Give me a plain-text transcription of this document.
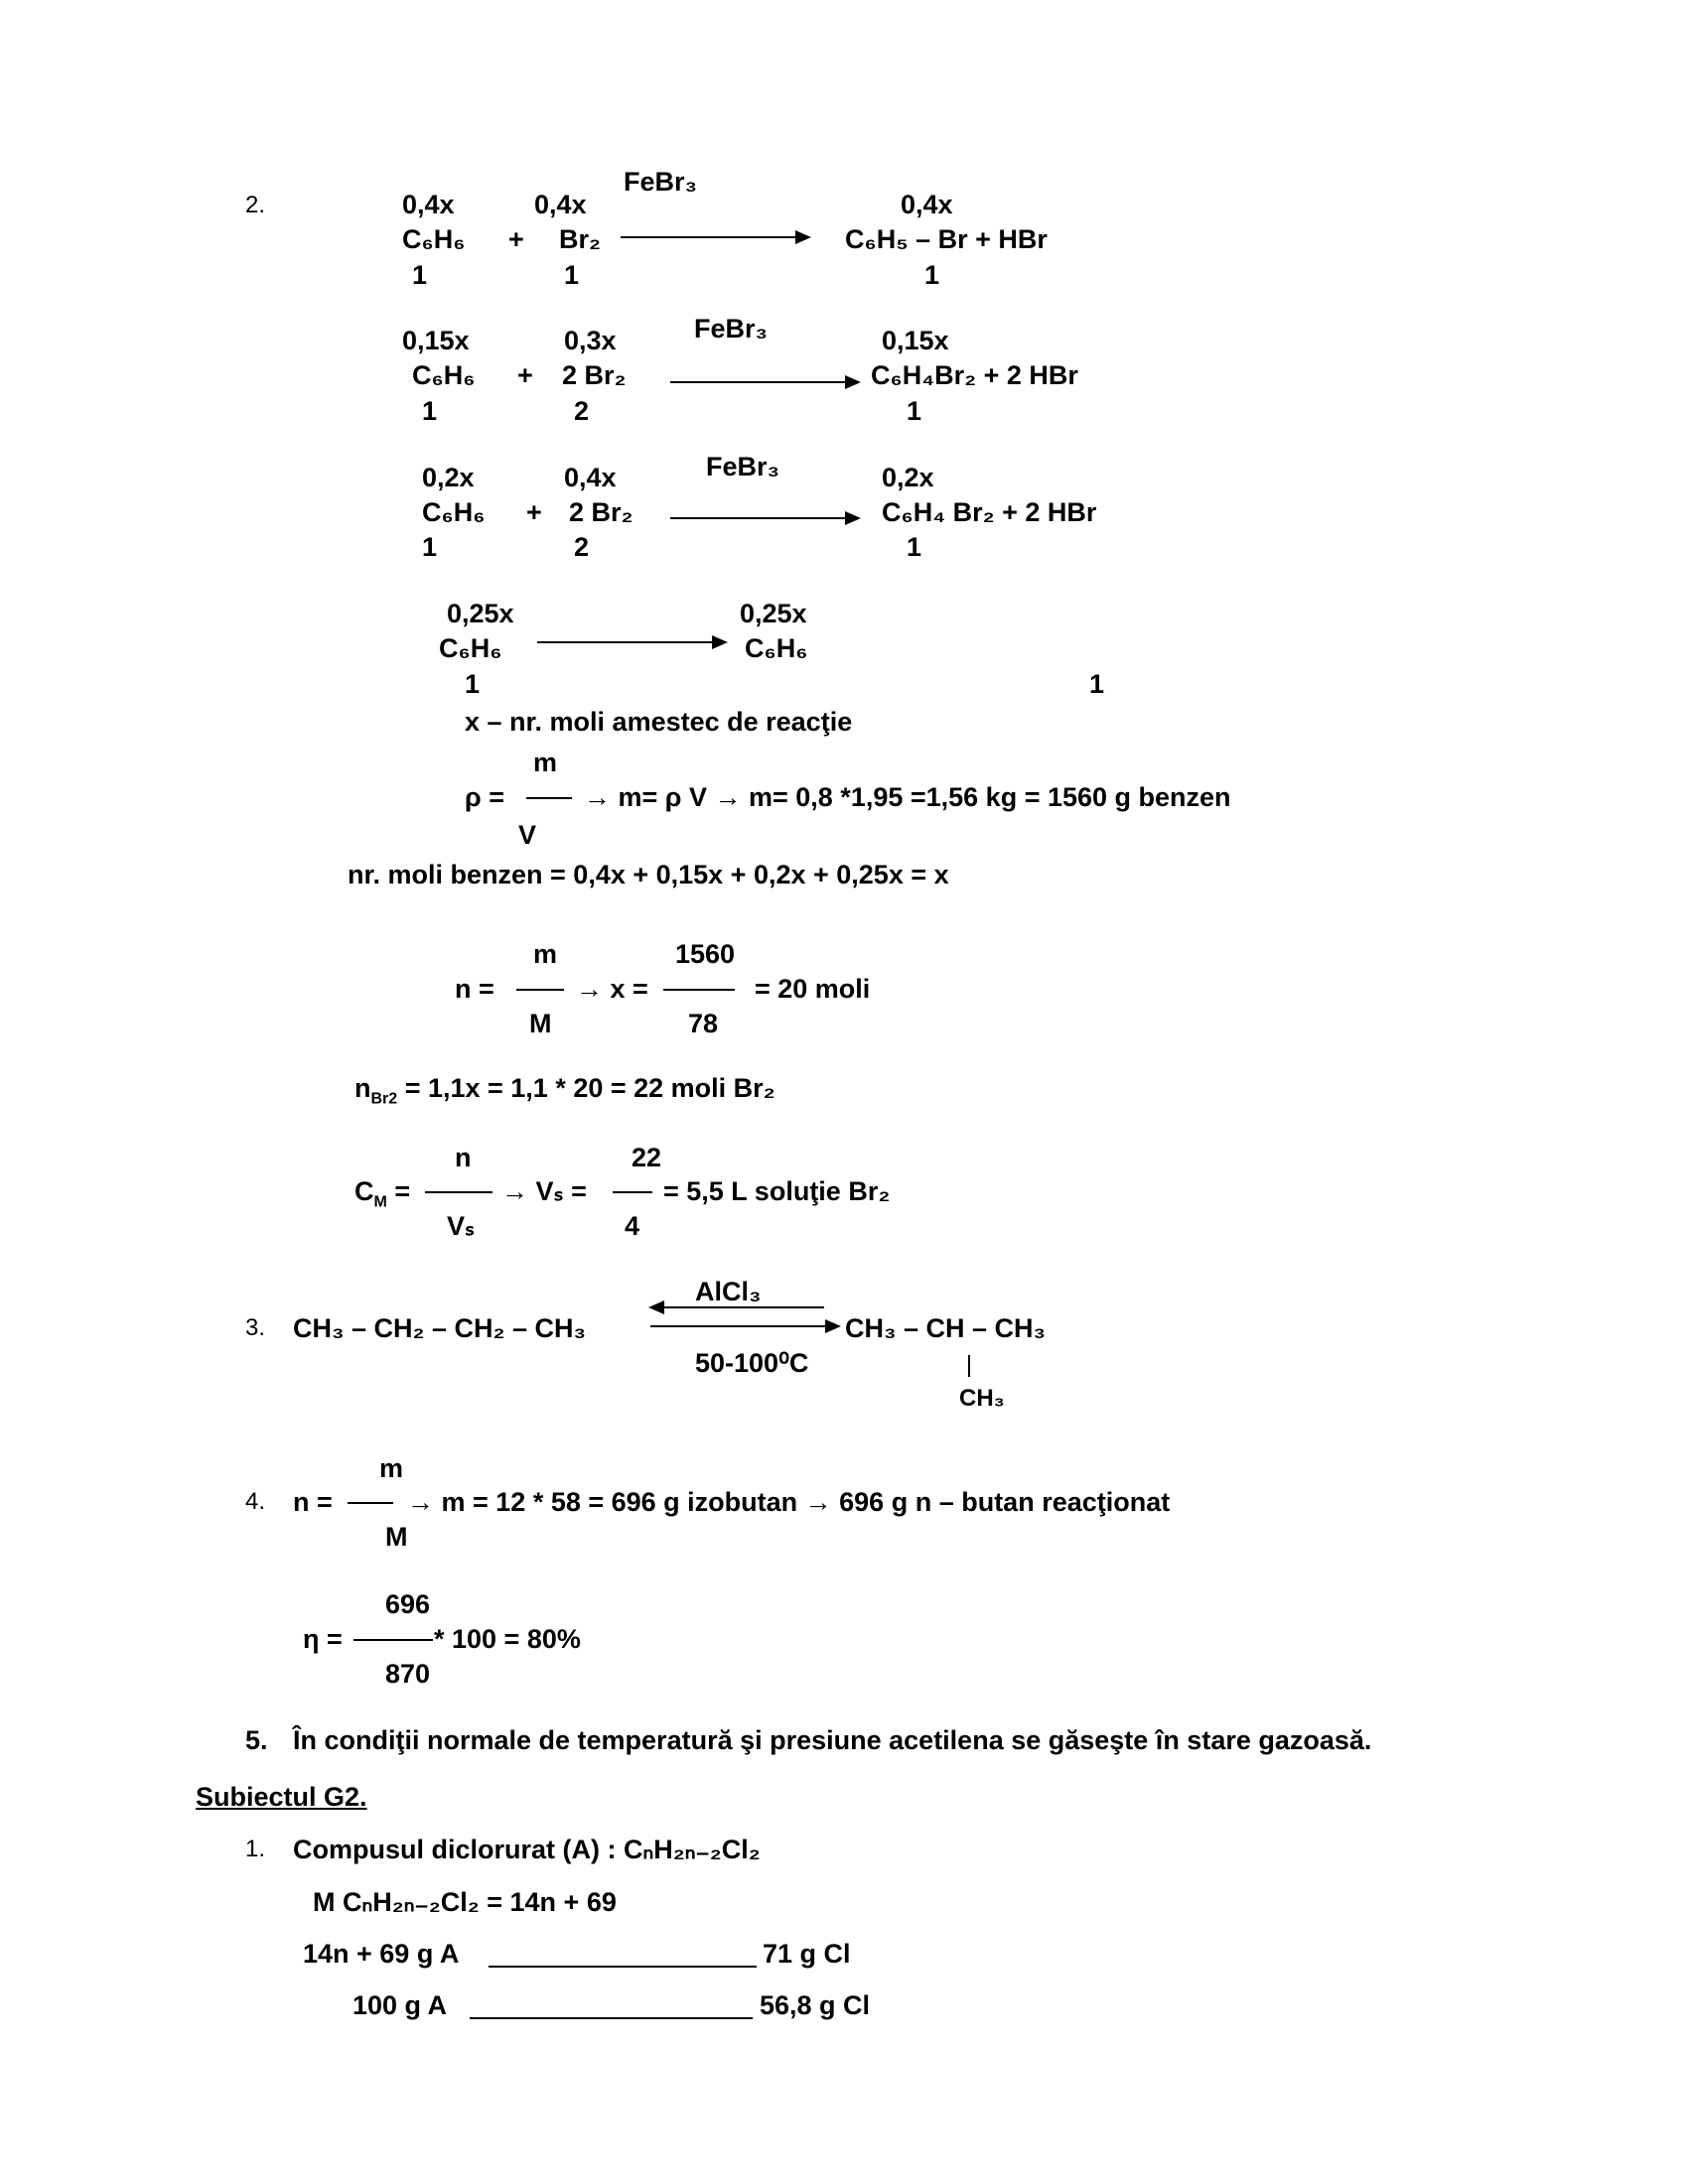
2.
FeBr₃
0,4x	0,4x	0,4x
C₆H₆ + Br₂	C₆H₅ – Br + HBr
1	1	1
FeBr₃
0,15x	0,3x	0,15x
C₆H₆ + 2 Br₂	C₆H₄Br₂ + 2 HBr
1	2	1
FeBr₃
0,2x	0,4x	0,2x
C₆H₆ + 2 Br₂	C₆H₄ Br₂ + 2 HBr
1	2	1
0,25x	0,25x
C₆H₆	C₆H₆
1	1
x – nr. moli amestec de reacţie
m
ρ =	→ m= ρ V → m= 0,8 *1,95 =1,56 kg = 1560 g benzen
V
nr. moli benzen = 0,4x + 0,15x + 0,2x + 0,25x = x
m	1560
n =	→ x =	= 20 moli
M	78
$n_{Br2} = 1,1x = 1,1 * 20 = 22$ moli Br₂
n	22
$C_M$ =	→ Vₛ =	= 5,5 L soluţie Br₂
Vₛ	4
3. CH₃ – CH₂ – CH₂ – CH₃
AlCl₃
50-100⁰C
CH₃ – CH – CH₃
CH₃
m
4. n =	→ m = 12 * 58 = 696 g izobutan → 696 g n – butan reacţionat
M
696
η =	* 100 = 80%
870
5. În condiţii normale de temperatură şi presiune acetilena se găseşte în stare gazoasă.
Subiectul G2.
1. Compusul diclorurat (A) : CₙH₂ₙ₋₂Cl₂
M CₙH₂ₙ₋₂Cl₂ = 14n + 69
14n + 69 g A	71 g Cl
100 g A	56,8 g Cl
